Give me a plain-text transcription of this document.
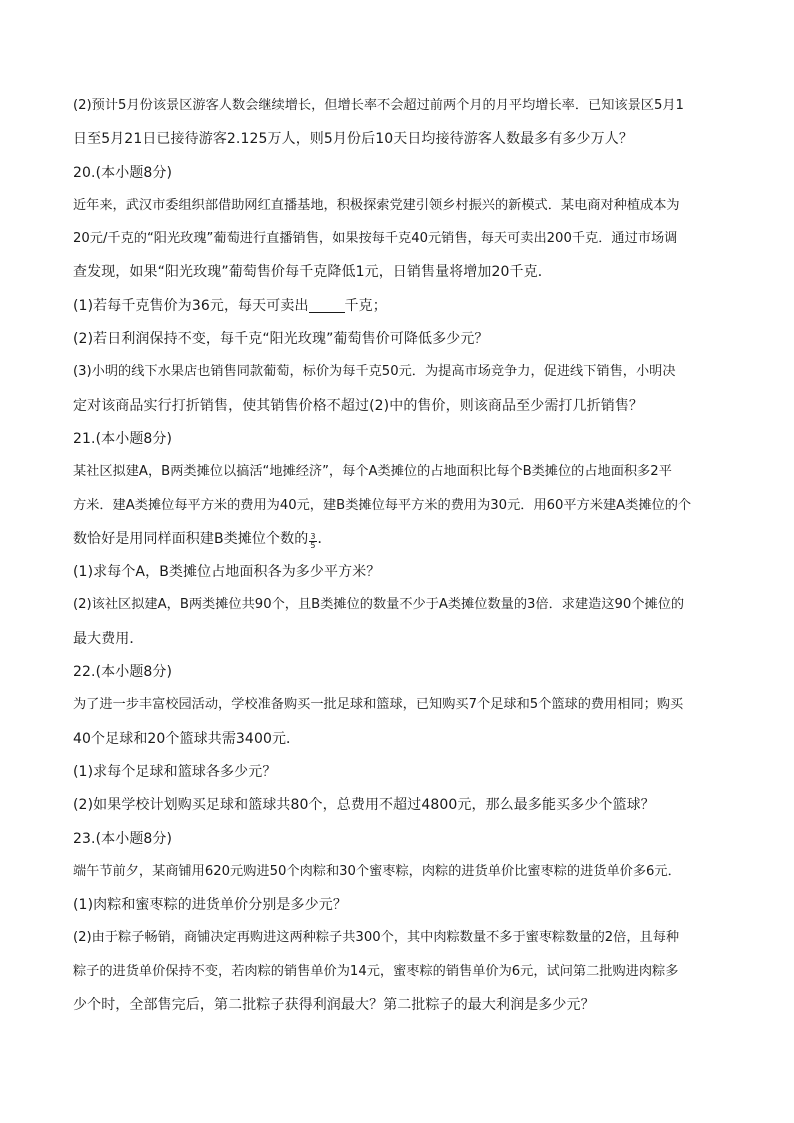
(2)预计5月份该景区游客人数会继续增长，但增长率不会超过前两个月的月平均增长率．已知该景区5月1
日至5月21日已接待游客2.125万人，则5月份后10天日均接待游客人数最多有多少万人？
20.(本小题8分)
近年来，武汉市委组织部借助网红直播基地，积极探索党建引领乡村振兴的新模式．某电商对种植成本为
20元/千克的“阳光玫瑰”葡萄进行直播销售，如果按每千克40元销售，每天可卖出200千克．通过市场调
查发现，如果“阳光玫瑰”葡萄售价每千克降低1元，日销售量将增加20千克．
(1)若每千克售价为36元，每天可卖出	千克；
(2)若日利润保持不变，每千克“阳光玫瑰”葡萄售价可降低多少元？
(3)小明的线下水果店也销售同款葡萄，标价为每千克50元．为提高市场竞争力，促进线下销售，小明决
定对该商品实行打折销售，使其销售价格不超过(2)中的售价，则该商品至少需打几折销售？
21.(本小题8分)
某社区拟建A，B两类摊位以搞活“地摊经济”，每个A类摊位的占地面积比每个B类摊位的占地面积多2平
方米．建A类摊位每平方米的费用为40元，建B类摊位每平方米的费用为30元．用60平方米建A类摊位的个
数恰好是用同样面积建B类摊位个数的 $\frac{3}{5}$ ．
(1)求每个A，B类摊位占地面积各为多少平方米？
(2)该社区拟建A，B两类摊位共90个，且B类摊位的数量不少于A类摊位数量的3倍．求建造这90个摊位的
最大费用．
22.(本小题8分)
为了进一步丰富校园活动，学校准备购买一批足球和篮球，已知购买7个足球和5个篮球的费用相同；购买
40个足球和20个篮球共需3400元．
(1)求每个足球和篮球各多少元？
(2)如果学校计划购买足球和篮球共80个，总费用不超过4800元，那么最多能买多少个篮球？
23.(本小题8分)
端午节前夕，某商铺用620元购进50个肉粽和30个蜜枣粽，肉粽的进货单价比蜜枣粽的进货单价多6元．
(1)肉粽和蜜枣粽的进货单价分别是多少元？
(2)由于粽子畅销，商铺决定再购进这两种粽子共300个，其中肉粽数量不多于蜜枣粽数量的2倍，且每种
粽子的进货单价保持不变，若肉粽的销售单价为14元，蜜枣粽的销售单价为6元，试问第二批购进肉粽多
少个时，全部售完后，第二批粽子获得利润最大？第二批粽子的最大利润是多少元？
